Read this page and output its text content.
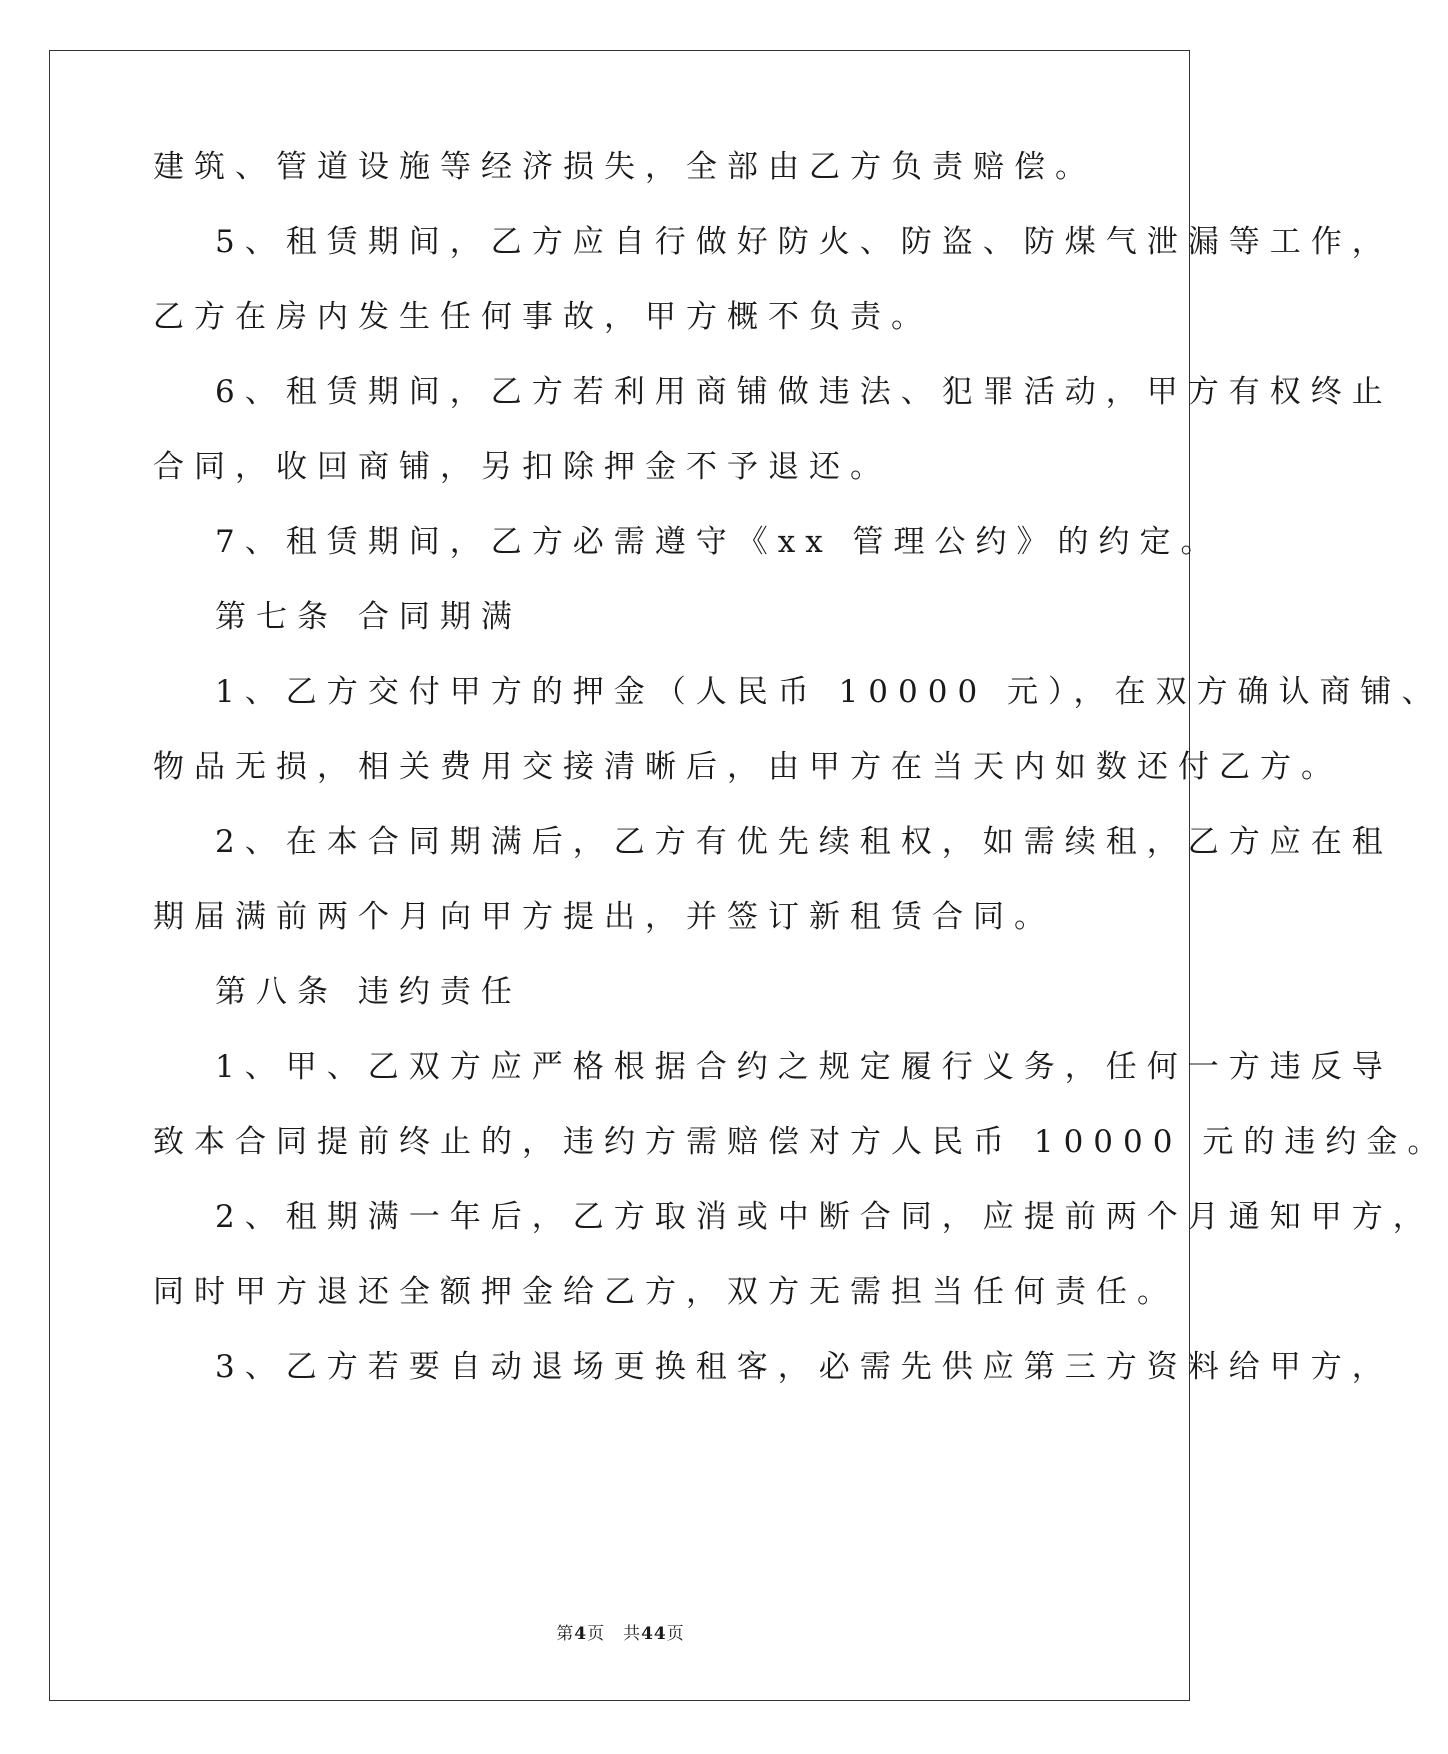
建筑、管道设施等经济损失，全部由乙方负责赔偿。
5、租赁期间，乙方应自行做好防火、防盗、防煤气泄漏等工作，
乙方在房内发生任何事故，甲方概不负责。
6、租赁期间，乙方若利用商铺做违法、犯罪活动，甲方有权终止
合同，收回商铺，另扣除押金不予退还。
7、租赁期间，乙方必需遵守《xx 管理公约》的约定。
第七条 合同期满
1、乙方交付甲方的押金（人民币 10000 元），在双方确认商铺、
物品无损，相关费用交接清晰后，由甲方在当天内如数还付乙方。
2、在本合同期满后，乙方有优先续租权，如需续租，乙方应在租
期届满前两个月向甲方提出，并签订新租赁合同。
第八条 违约责任
1、甲、乙双方应严格根据合约之规定履行义务，任何一方违反导
致本合同提前终止的，违约方需赔偿对方人民币 10000 元的违约金。
2、租期满一年后，乙方取消或中断合同，应提前两个月通知甲方，
同时甲方退还全额押金给乙方，双方无需担当任何责任。
3、乙方若要自动退场更换租客，必需先供应第三方资料给甲方，
第4页　共44页
